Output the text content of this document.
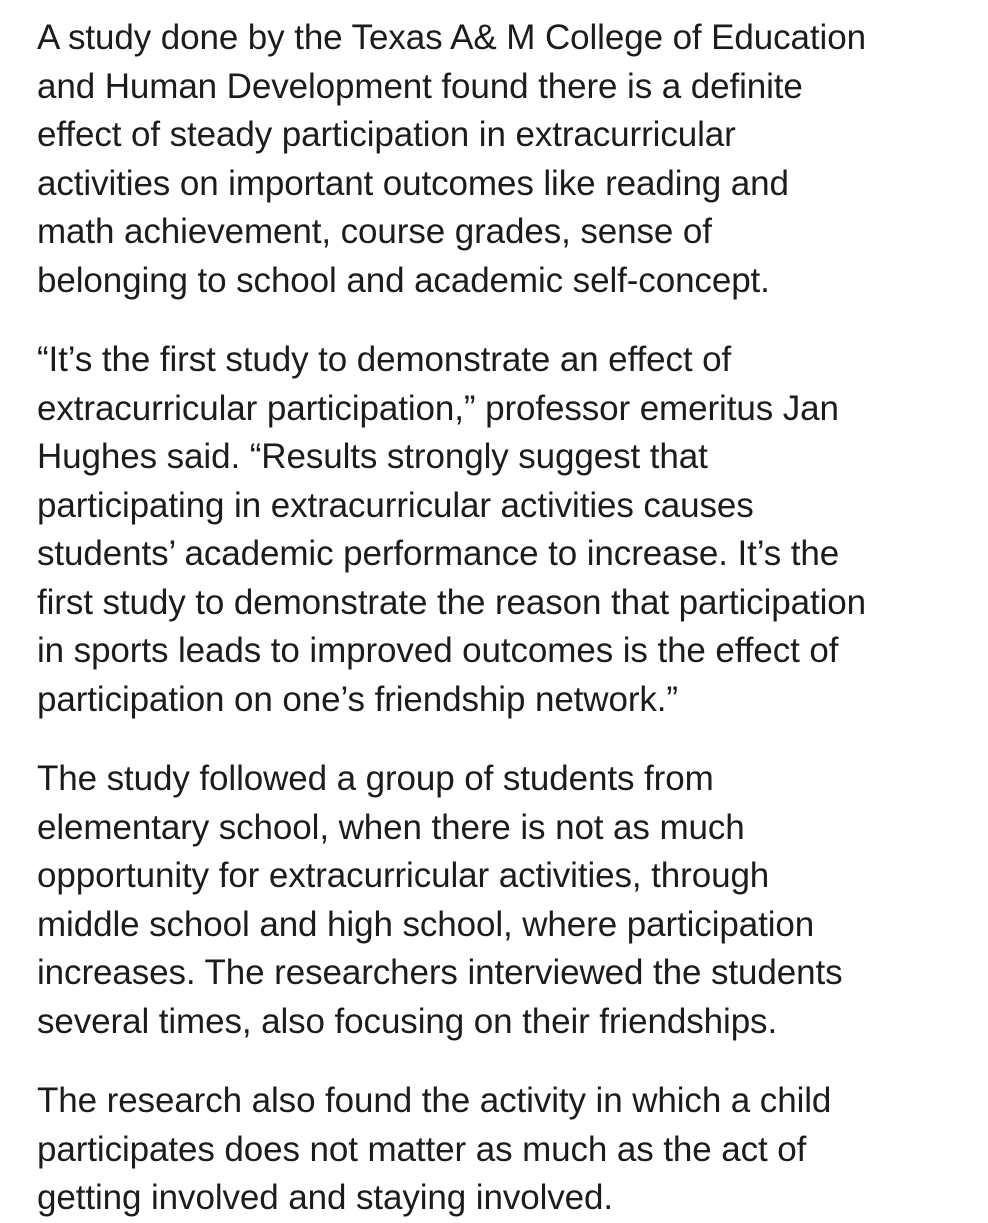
A study done by the Texas A& M College of Education
and Human Development found there is a definite
effect of steady participation in extracurricular
activities on important outcomes like reading and
math achievement, course grades, sense of
belonging to school and academic self-concept.

“It’s the first study to demonstrate an effect of
extracurricular participation,” professor emeritus Jan
Hughes said. “Results strongly suggest that
participating in extracurricular activities causes
students’ academic performance to increase. It’s the
first study to demonstrate the reason that participation
in sports leads to improved outcomes is the effect of
participation on one’s friendship network.”

The study followed a group of students from
elementary school, when there is not as much
opportunity for extracurricular activities, through
middle school and high school, where participation
increases. The researchers interviewed the students
several times, also focusing on their friendships.

The research also found the activity in which a child
participates does not matter as much as the act of
getting involved and staying involved.
